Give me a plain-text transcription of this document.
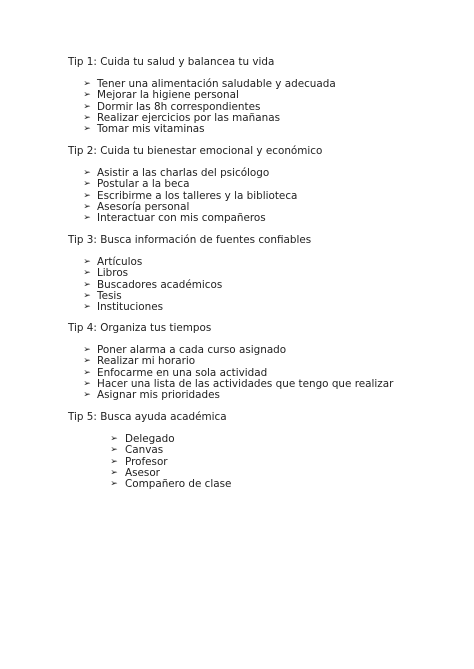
Tip 1: Cuida tu salud y balancea tu vida
➢ Tener una alimentación saludable y adecuada
➢ Mejorar la higiene personal
➢ Dormir las 8h correspondientes
➢ Realizar ejercicios por las mañanas
➢ Tomar mis vitaminas
Tip 2: Cuida tu bienestar emocional y económico
➢ Asistir a las charlas del psicólogo
➢ Postular a la beca
➢ Escribirme a los talleres y la biblioteca
➢ Asesoría personal
➢ Interactuar con mis compañeros
Tip 3: Busca información de fuentes confiables
➢ Artículos
➢ Libros
➢ Buscadores académicos
➢ Tesis
➢ Instituciones
Tip 4: Organiza tus tiempos
➢ Poner alarma a cada curso asignado
➢ Realizar mi horario
➢ Enfocarme en una sola actividad
➢ Hacer una lista de las actividades que tengo que realizar
➢ Asignar mis prioridades
Tip 5: Busca ayuda académica
➢ Delegado
➢ Canvas
➢ Profesor
➢ Asesor
➢ Compañero de clase
